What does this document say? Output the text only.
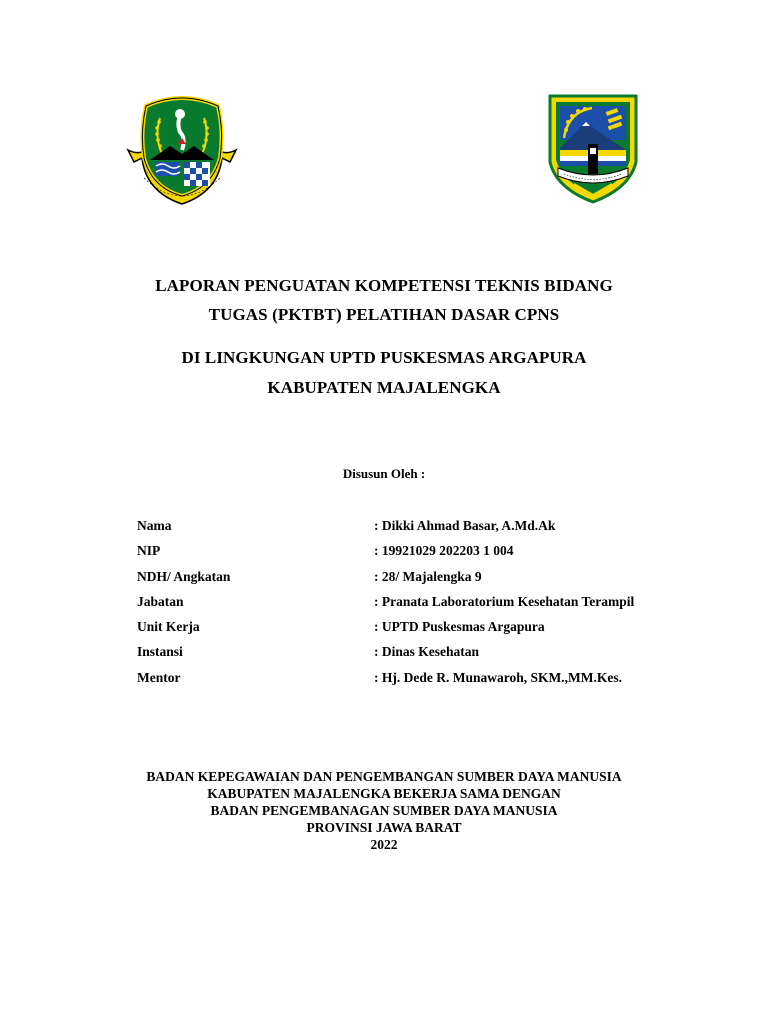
LAPORAN PENGUATAN KOMPETENSI TEKNIS BIDANG
TUGAS (PKTBT) PELATIHAN DASAR CPNS
DI LINGKUNGAN UPTD PUSKESMAS ARGAPURA
KABUPATEN MAJALENGKA
Disusun Oleh :
Nama	: Dikki Ahmad Basar, A.Md.Ak
NIP	: 19921029 202203 1 004
NDH/ Angkatan	: 28/ Majalengka 9
Jabatan	: Pranata Laboratorium Kesehatan Terampil
Unit Kerja	: UPTD Puskesmas Argapura
Instansi	: Dinas Kesehatan
Mentor	: Hj. Dede R. Munawaroh, SKM.,MM.Kes.
BADAN KEPEGAWAIAN DAN PENGEMBANGAN SUMBER DAYA MANUSIA
KABUPATEN MAJALENGKA BEKERJA SAMA DENGAN
BADAN PENGEMBANAGAN SUMBER DAYA MANUSIA
PROVINSI JAWA BARAT
2022
